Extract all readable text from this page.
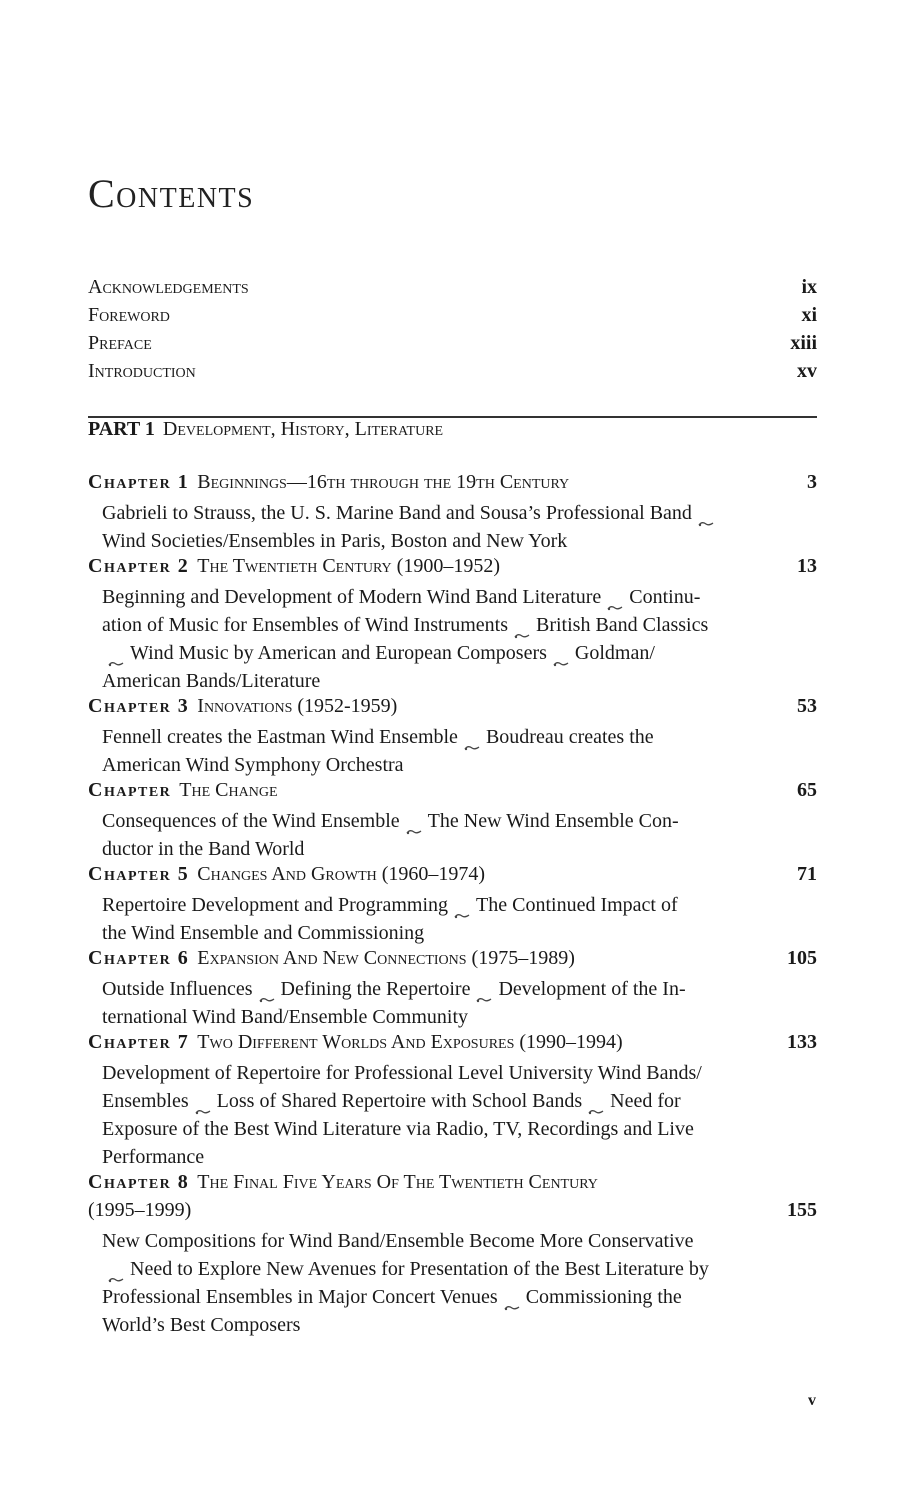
Contents
Acknowledgements	ix
Foreword	xi
Preface	xiii
Introduction	xv
PART 1 Development, History, Literature
Chapter 1 Beginnings—16th through the 19th Century	3
Gabrieli to Strauss, the U. S. Marine Band and Sousa’s Professional Band
Wind Societies/Ensembles in Paris, Boston and New York
Chapter 2 The Twentieth Century (1900–1952)	13
Beginning and Development of Modern Wind Band Literature Continu-
ation of Music for Ensembles of Wind Instruments British Band Classics
Wind Music by American and European Composers Goldman/
American Bands/Literature
Chapter 3 Innovations (1952-1959)	53
Fennell creates the Eastman Wind Ensemble Boudreau creates the
American Wind Symphony Orchestra
Chapter The Change	65
Consequences of the Wind Ensemble The New Wind Ensemble Con-
ductor in the Band World
Chapter 5 Changes And Growth (1960–1974)	71
Repertoire Development and Programming The Continued Impact of
the Wind Ensemble and Commissioning
Chapter 6 Expansion And New Connections (1975–1989)	105
Outside Influences Defining the Repertoire Development of the In-
ternational Wind Band/Ensemble Community
Chapter 7 Two Different Worlds And Exposures (1990–1994)	133
Development of Repertoire for Professional Level University Wind Bands/
Ensembles Loss of Shared Repertoire with School Bands Need for
Exposure of the Best Wind Literature via Radio, TV, Recordings and Live
Performance
Chapter 8 The Final Five Years Of The Twentieth Century
(1995–1999)	155
New Compositions for Wind Band/Ensemble Become More Conservative
Need to Explore New Avenues for Presentation of the Best Literature by
Professional Ensembles in Major Concert Venues Commissioning the
World’s Best Composers
v
